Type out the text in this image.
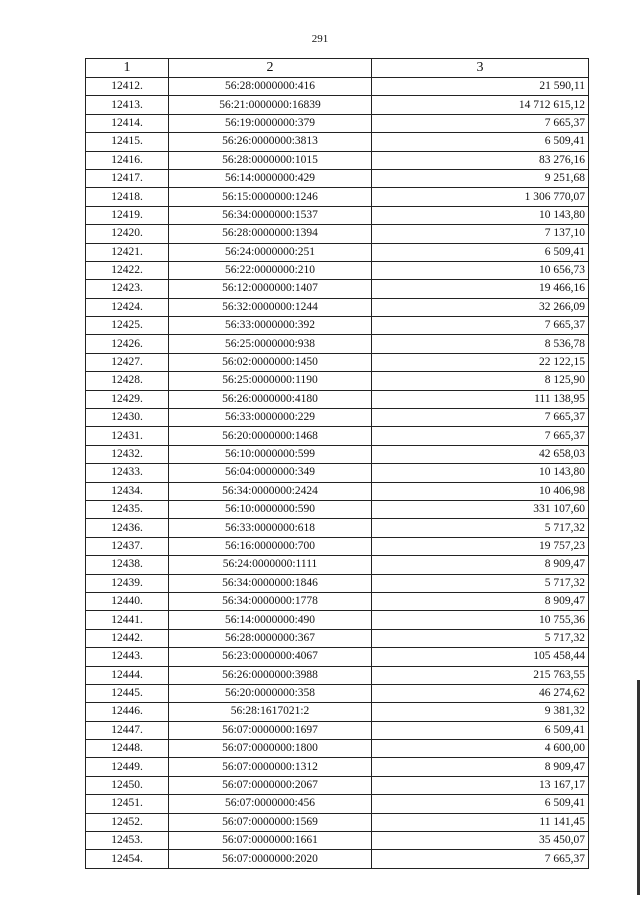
291
1	2	3
12412.	56:28:0000000:416	21 590,11
12413.	56:21:0000000:16839	14 712 615,12
12414.	56:19:0000000:379	7 665,37
12415.	56:26:0000000:3813	6 509,41
12416.	56:28:0000000:1015	83 276,16
12417.	56:14:0000000:429	9 251,68
12418.	56:15:0000000:1246	1 306 770,07
12419.	56:34:0000000:1537	10 143,80
12420.	56:28:0000000:1394	7 137,10
12421.	56:24:0000000:251	6 509,41
12422.	56:22:0000000:210	10 656,73
12423.	56:12:0000000:1407	19 466,16
12424.	56:32:0000000:1244	32 266,09
12425.	56:33:0000000:392	7 665,37
12426.	56:25:0000000:938	8 536,78
12427.	56:02:0000000:1450	22 122,15
12428.	56:25:0000000:1190	8 125,90
12429.	56:26:0000000:4180	111 138,95
12430.	56:33:0000000:229	7 665,37
12431.	56:20:0000000:1468	7 665,37
12432.	56:10:0000000:599	42 658,03
12433.	56:04:0000000:349	10 143,80
12434.	56:34:0000000:2424	10 406,98
12435.	56:10:0000000:590	331 107,60
12436.	56:33:0000000:618	5 717,32
12437.	56:16:0000000:700	19 757,23
12438.	56:24:0000000:1111	8 909,47
12439.	56:34:0000000:1846	5 717,32
12440.	56:34:0000000:1778	8 909,47
12441.	56:14:0000000:490	10 755,36
12442.	56:28:0000000:367	5 717,32
12443.	56:23:0000000:4067	105 458,44
12444.	56:26:0000000:3988	215 763,55
12445.	56:20:0000000:358	46 274,62
12446.	56:28:1617021:2	9 381,32
12447.	56:07:0000000:1697	6 509,41
12448.	56:07:0000000:1800	4 600,00
12449.	56:07:0000000:1312	8 909,47
12450.	56:07:0000000:2067	13 167,17
12451.	56:07:0000000:456	6 509,41
12452.	56:07:0000000:1569	11 141,45
12453.	56:07:0000000:1661	35 450,07
12454.	56:07:0000000:2020	7 665,37
